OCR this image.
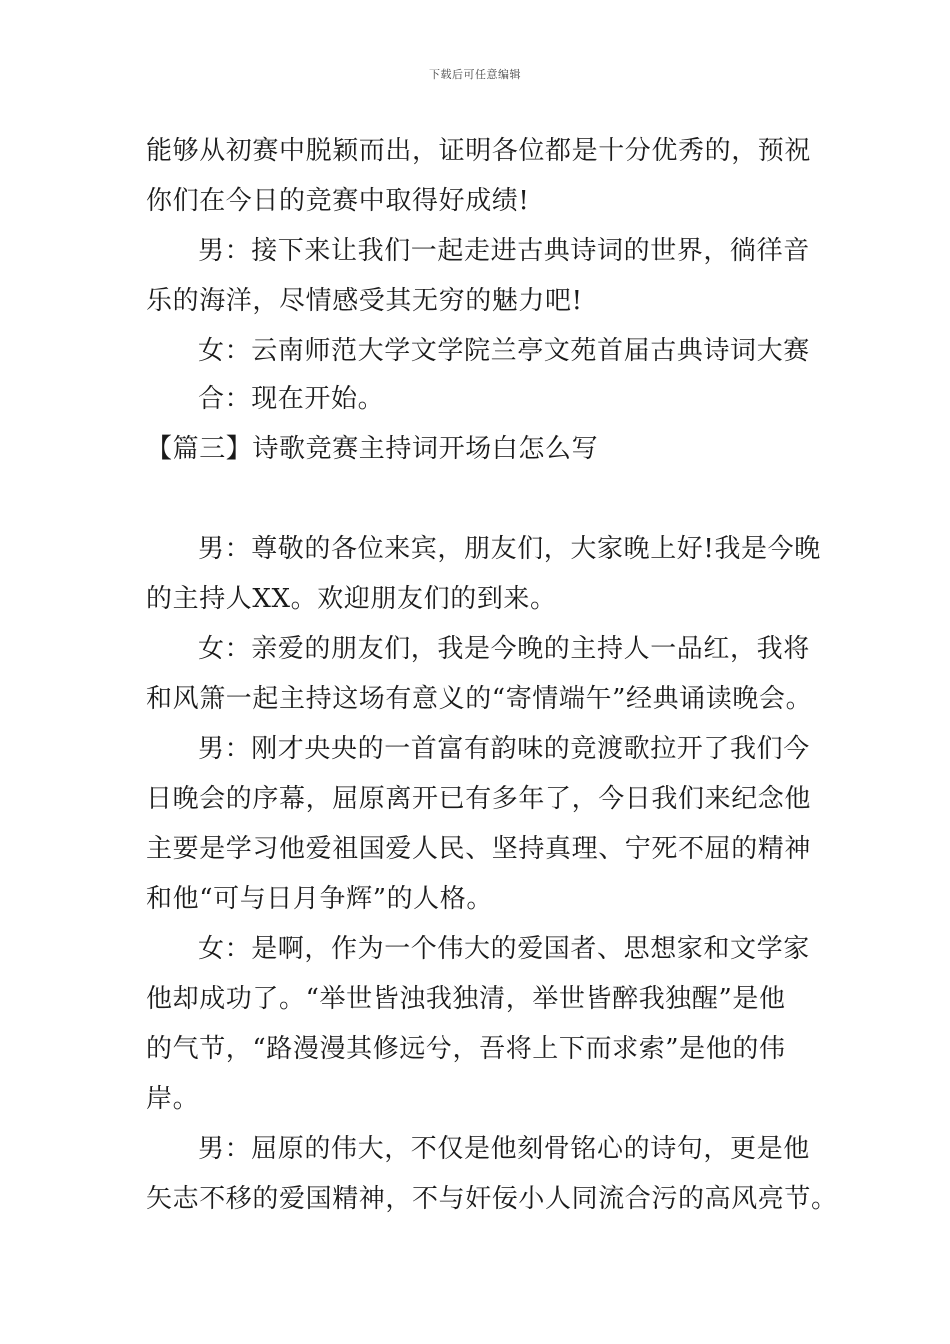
下载后可任意编辑
能够从初赛中脱颖而出，证明各位都是十分优秀的，预祝
你们在今日的竞赛中取得好成绩!
男：接下来让我们一起走进古典诗词的世界，徜徉音
乐的海洋，尽情感受其无穷的魅力吧!
女：云南师范大学文学院兰亭文苑首届古典诗词大赛
合：现在开始。
【篇三】诗歌竞赛主持词开场白怎么写
男：尊敬的各位来宾，朋友们，大家晚上好!我是今晚
的主持人XX。欢迎朋友们的到来。
女：亲爱的朋友们，我是今晚的主持人一品红，我将
和风箫一起主持这场有意义的“寄情端午”经典诵读晚会。
男：刚才央央的一首富有韵味的竞渡歌拉开了我们今
日晚会的序幕，屈原离开已有多年了，今日我们来纪念他
主要是学习他爱祖国爱人民、坚持真理、宁死不屈的精神
和他“可与日月争辉”的人格。
女：是啊，作为一个伟大的爱国者、思想家和文学家
他却成功了。“举世皆浊我独清，举世皆醉我独醒”是他
的气节，“路漫漫其修远兮，吾将上下而求索”是他的伟
岸。
男：屈原的伟大，不仅是他刻骨铭心的诗句，更是他
矢志不移的爱国精神，不与奸佞小人同流合污的高风亮节。
